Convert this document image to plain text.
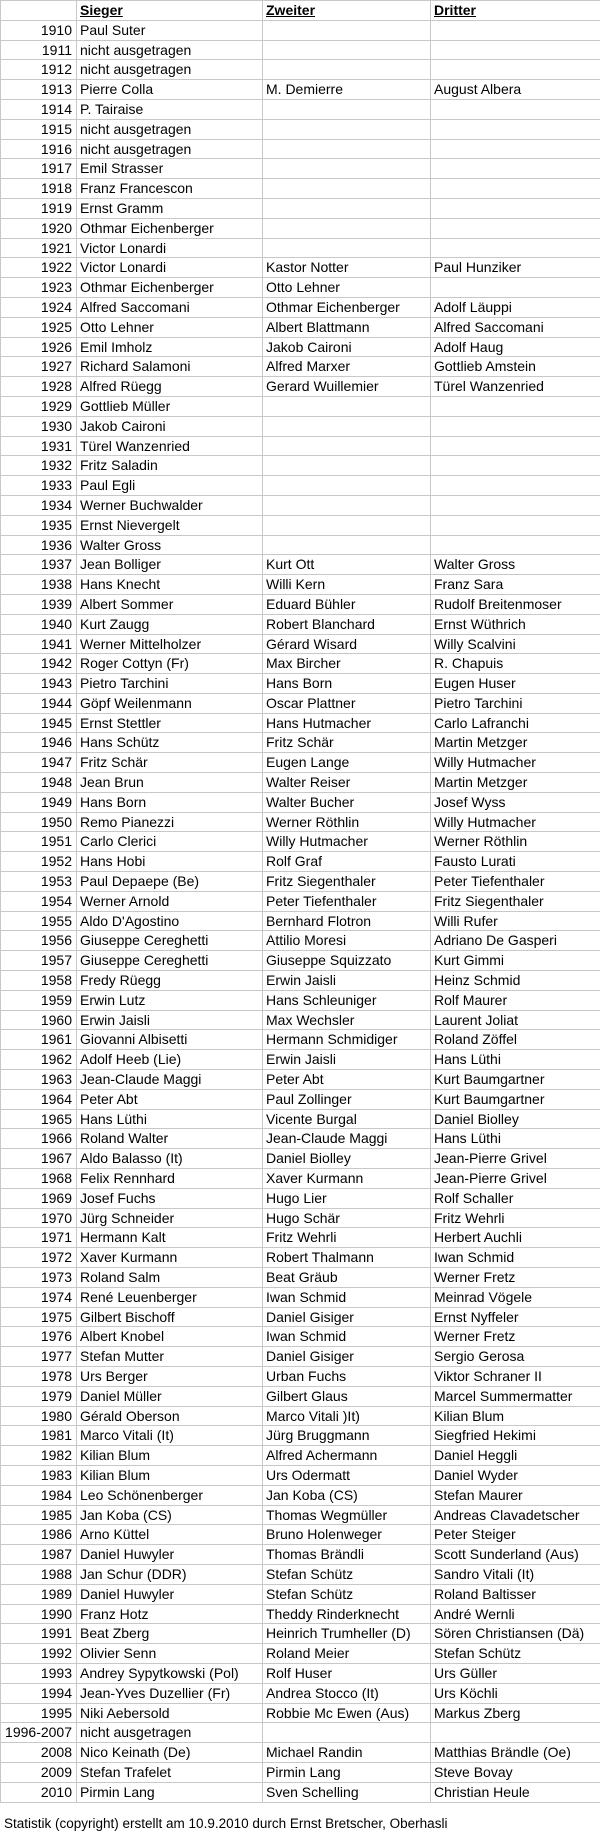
	Sieger	Zweiter	Dritter
1910	Paul Suter		
1911	nicht ausgetragen		
1912	nicht ausgetragen		
1913	Pierre Colla	M. Demierre	August Albera
1914	P. Tairaise		
1915	nicht ausgetragen		
1916	nicht ausgetragen		
1917	Emil Strasser		
1918	Franz Francescon		
1919	Ernst Gramm		
1920	Othmar Eichenberger		
1921	Victor Lonardi		
1922	Victor Lonardi	Kastor Notter	Paul Hunziker
1923	Othmar Eichenberger	Otto Lehner	
1924	Alfred Saccomani	Othmar Eichenberger	Adolf Läuppi
1925	Otto Lehner	Albert Blattmann	Alfred Saccomani
1926	Emil Imholz	Jakob Caironi	Adolf Haug
1927	Richard Salamoni	Alfred Marxer	Gottlieb Amstein
1928	Alfred Rüegg	Gerard Wuillemier	Türel Wanzenried
1929	Gottlieb Müller		
1930	Jakob Caironi		
1931	Türel Wanzenried		
1932	Fritz Saladin		
1933	Paul Egli		
1934	Werner Buchwalder		
1935	Ernst Nievergelt		
1936	Walter Gross		
1937	Jean Bolliger	Kurt Ott	Walter Gross
1938	Hans Knecht	Willi Kern	Franz Sara
1939	Albert Sommer	Eduard Bühler	Rudolf Breitenmoser
1940	Kurt Zaugg	Robert Blanchard	Ernst Wüthrich
1941	Werner Mittelholzer	Gérard Wisard	Willy Scalvini
1942	Roger Cottyn (Fr)	Max Bircher	R. Chapuis
1943	Pietro Tarchini	Hans Born	Eugen Huser
1944	Göpf Weilenmann	Oscar Plattner	Pietro Tarchini
1945	Ernst Stettler	Hans Hutmacher	Carlo Lafranchi
1946	Hans Schütz	Fritz Schär	Martin Metzger
1947	Fritz Schär	Eugen Lange	Willy Hutmacher
1948	Jean Brun	Walter Reiser	Martin Metzger
1949	Hans Born	Walter Bucher	Josef Wyss
1950	Remo Pianezzi	Werner Röthlin	Willy Hutmacher
1951	Carlo Clerici	Willy Hutmacher	Werner Röthlin
1952	Hans Hobi	Rolf Graf	Fausto Lurati
1953	Paul Depaepe (Be)	Fritz Siegenthaler	Peter Tiefenthaler
1954	Werner Arnold	Peter Tiefenthaler	Fritz Siegenthaler
1955	Aldo D'Agostino	Bernhard Flotron	Willi Rufer
1956	Giuseppe Cereghetti	Attilio Moresi	Adriano De Gasperi
1957	Giuseppe Cereghetti	Giuseppe Squizzato	Kurt Gimmi
1958	Fredy Rüegg	Erwin Jaisli	Heinz Schmid
1959	Erwin Lutz	Hans Schleuniger	Rolf Maurer
1960	Erwin Jaisli	Max Wechsler	Laurent Joliat
1961	Giovanni Albisetti	Hermann Schmidiger	Roland Zöffel
1962	Adolf Heeb (Lie)	Erwin Jaisli	Hans Lüthi
1963	Jean-Claude Maggi	Peter Abt	Kurt Baumgartner
1964	Peter Abt	Paul Zollinger	Kurt Baumgartner
1965	Hans Lüthi	Vicente Burgal	Daniel Biolley
1966	Roland Walter	Jean-Claude Maggi	Hans Lüthi
1967	Aldo Balasso (It)	Daniel Biolley	Jean-Pierre Grivel
1968	Felix Rennhard	Xaver Kurmann	Jean-Pierre Grivel
1969	Josef Fuchs	Hugo Lier	Rolf Schaller
1970	Jürg Schneider	Hugo Schär	Fritz Wehrli
1971	Hermann Kalt	Fritz Wehrli	Herbert Auchli
1972	Xaver Kurmann	Robert Thalmann	Iwan Schmid
1973	Roland Salm	Beat Gräub	Werner Fretz
1974	René Leuenberger	Iwan Schmid	Meinrad Vögele
1975	Gilbert Bischoff	Daniel Gisiger	Ernst Nyffeler
1976	Albert Knobel	Iwan Schmid	Werner Fretz
1977	Stefan Mutter	Daniel Gisiger	Sergio Gerosa
1978	Urs Berger	Urban Fuchs	Viktor Schraner II
1979	Daniel Müller	Gilbert Glaus	Marcel Summermatter
1980	Gérald Oberson	Marco Vitali )It)	Kilian Blum
1981	Marco Vitali (It)	Jürg Bruggmann	Siegfried Hekimi
1982	Kilian Blum	Alfred Achermann	Daniel Heggli
1983	Kilian Blum	Urs Odermatt	Daniel Wyder
1984	Leo Schönenberger	Jan Koba (CS)	Stefan Maurer
1985	Jan Koba (CS)	Thomas Wegmüller	Andreas Clavadetscher
1986	Arno Küttel	Bruno Holenweger	Peter Steiger
1987	Daniel Huwyler	Thomas Brändli	Scott Sunderland (Aus)
1988	Jan Schur (DDR)	Stefan Schütz	Sandro Vitali (It)
1989	Daniel Huwyler	Stefan Schütz	Roland Baltisser
1990	Franz Hotz	Theddy Rinderknecht	André Wernli
1991	Beat Zberg	Heinrich Trumheller (D)	Sören Christiansen (Dä)
1992	Olivier Senn	Roland Meier	Stefan Schütz
1993	Andrey Sypytkowski (Pol)	Rolf Huser	Urs Güller
1994	Jean-Yves Duzellier (Fr)	Andrea Stocco (It)	Urs Köchli
1995	Niki Aebersold	Robbie Mc Ewen (Aus)	Markus Zberg
1996-2007	nicht ausgetragen		
2008	Nico Keinath (De)	Michael Randin	Matthias Brändle (Oe)
2009	Stefan Trafelet	Pirmin Lang	Steve Bovay
2010	Pirmin Lang	Sven Schelling	Christian Heule
Statistik (copyright) erstellt am 10.9.2010 durch Ernst Bretscher, Oberhasli
